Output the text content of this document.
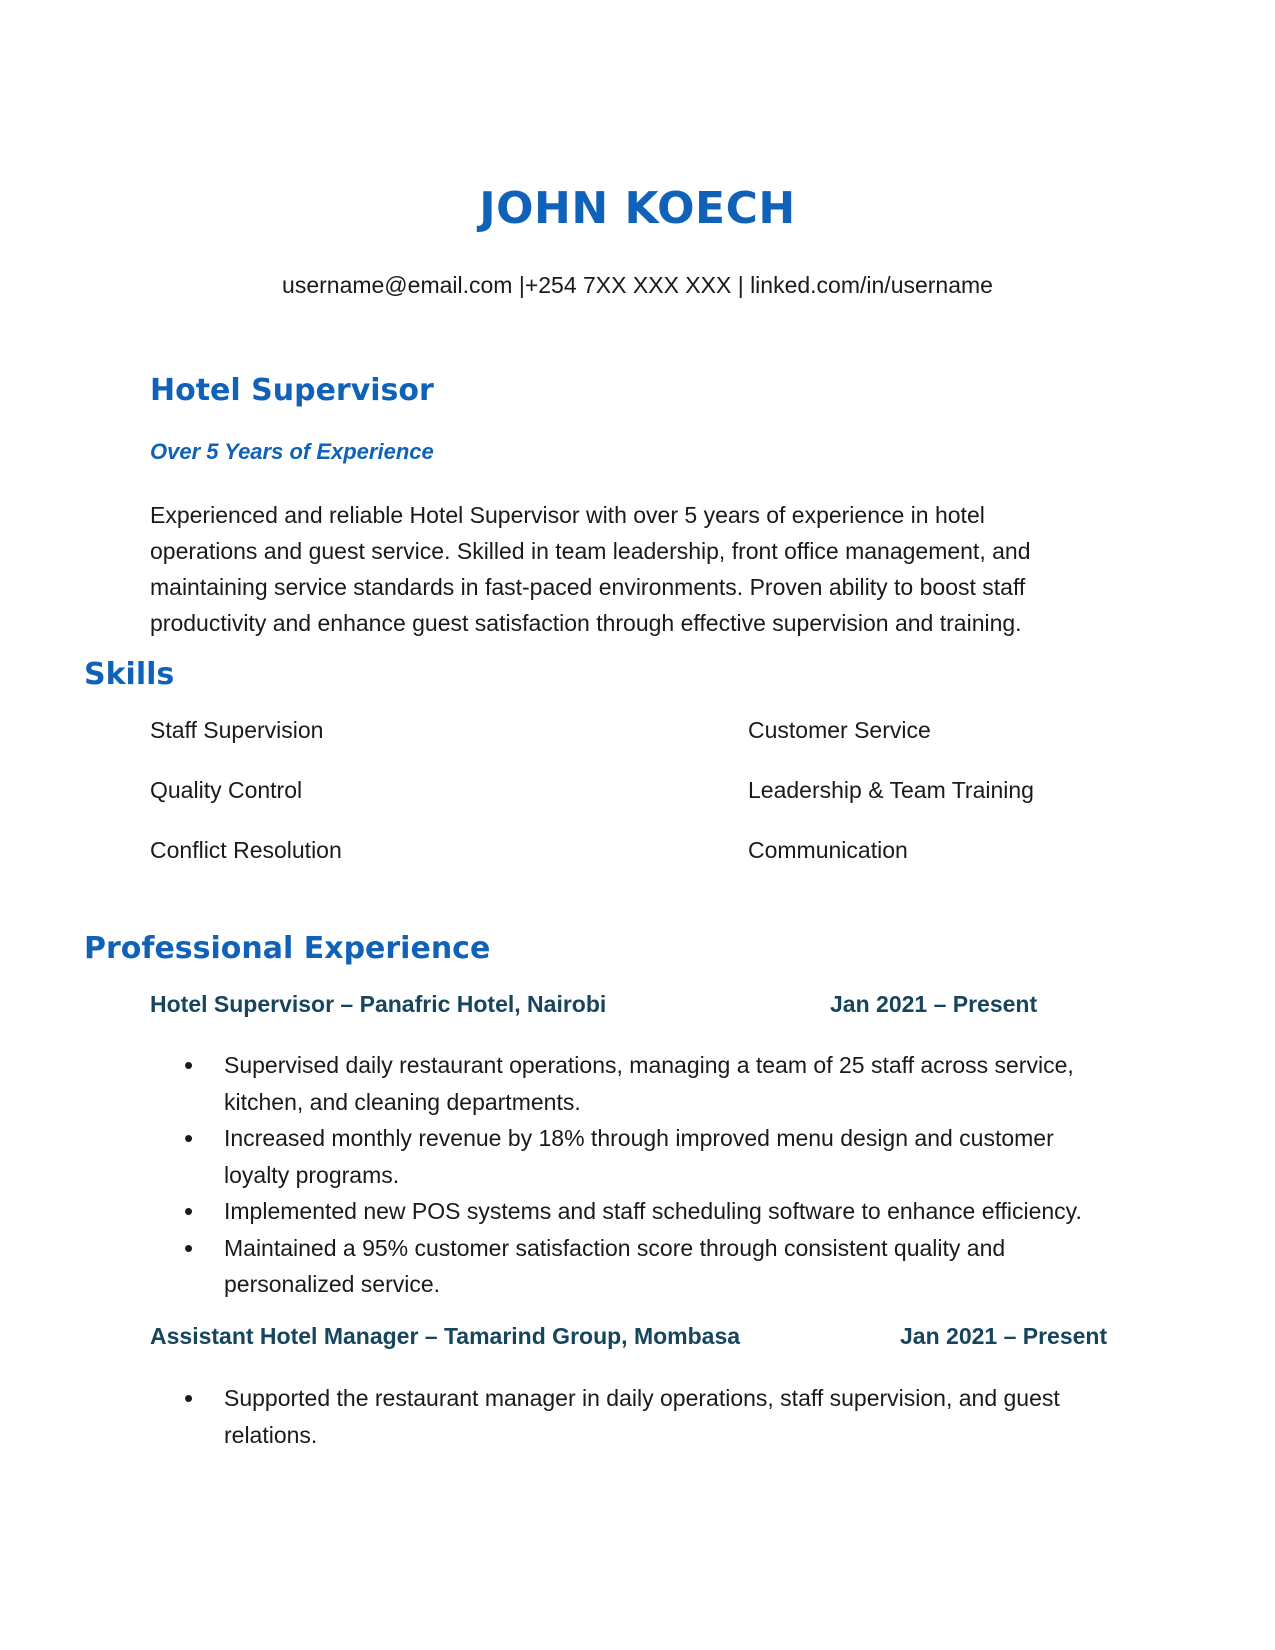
JOHN KOECH
username@email.com |+254 7XX XXX XXX | linked.com/in/username
Hotel Supervisor
Over 5 Years of Experience
Experienced and reliable Hotel Supervisor with over 5 years of experience in hotel operations and guest service. Skilled in team leadership, front office management, and maintaining service standards in fast-paced environments. Proven ability to boost staff productivity and enhance guest satisfaction through effective supervision and training.
Skills
Staff Supervision	Customer Service
Quality Control	Leadership & Team Training
Conflict Resolution	Communication
Professional Experience
Hotel Supervisor – Panafric Hotel, Nairobi	Jan 2021 – Present
• Supervised daily restaurant operations, managing a team of 25 staff across service, kitchen, and cleaning departments.
• Increased monthly revenue by 18% through improved menu design and customer loyalty programs.
• Implemented new POS systems and staff scheduling software to enhance efficiency.
• Maintained a 95% customer satisfaction score through consistent quality and personalized service.
Assistant Hotel Manager – Tamarind Group, Mombasa	Jan 2021 – Present
• Supported the restaurant manager in daily operations, staff supervision, and guest relations.
